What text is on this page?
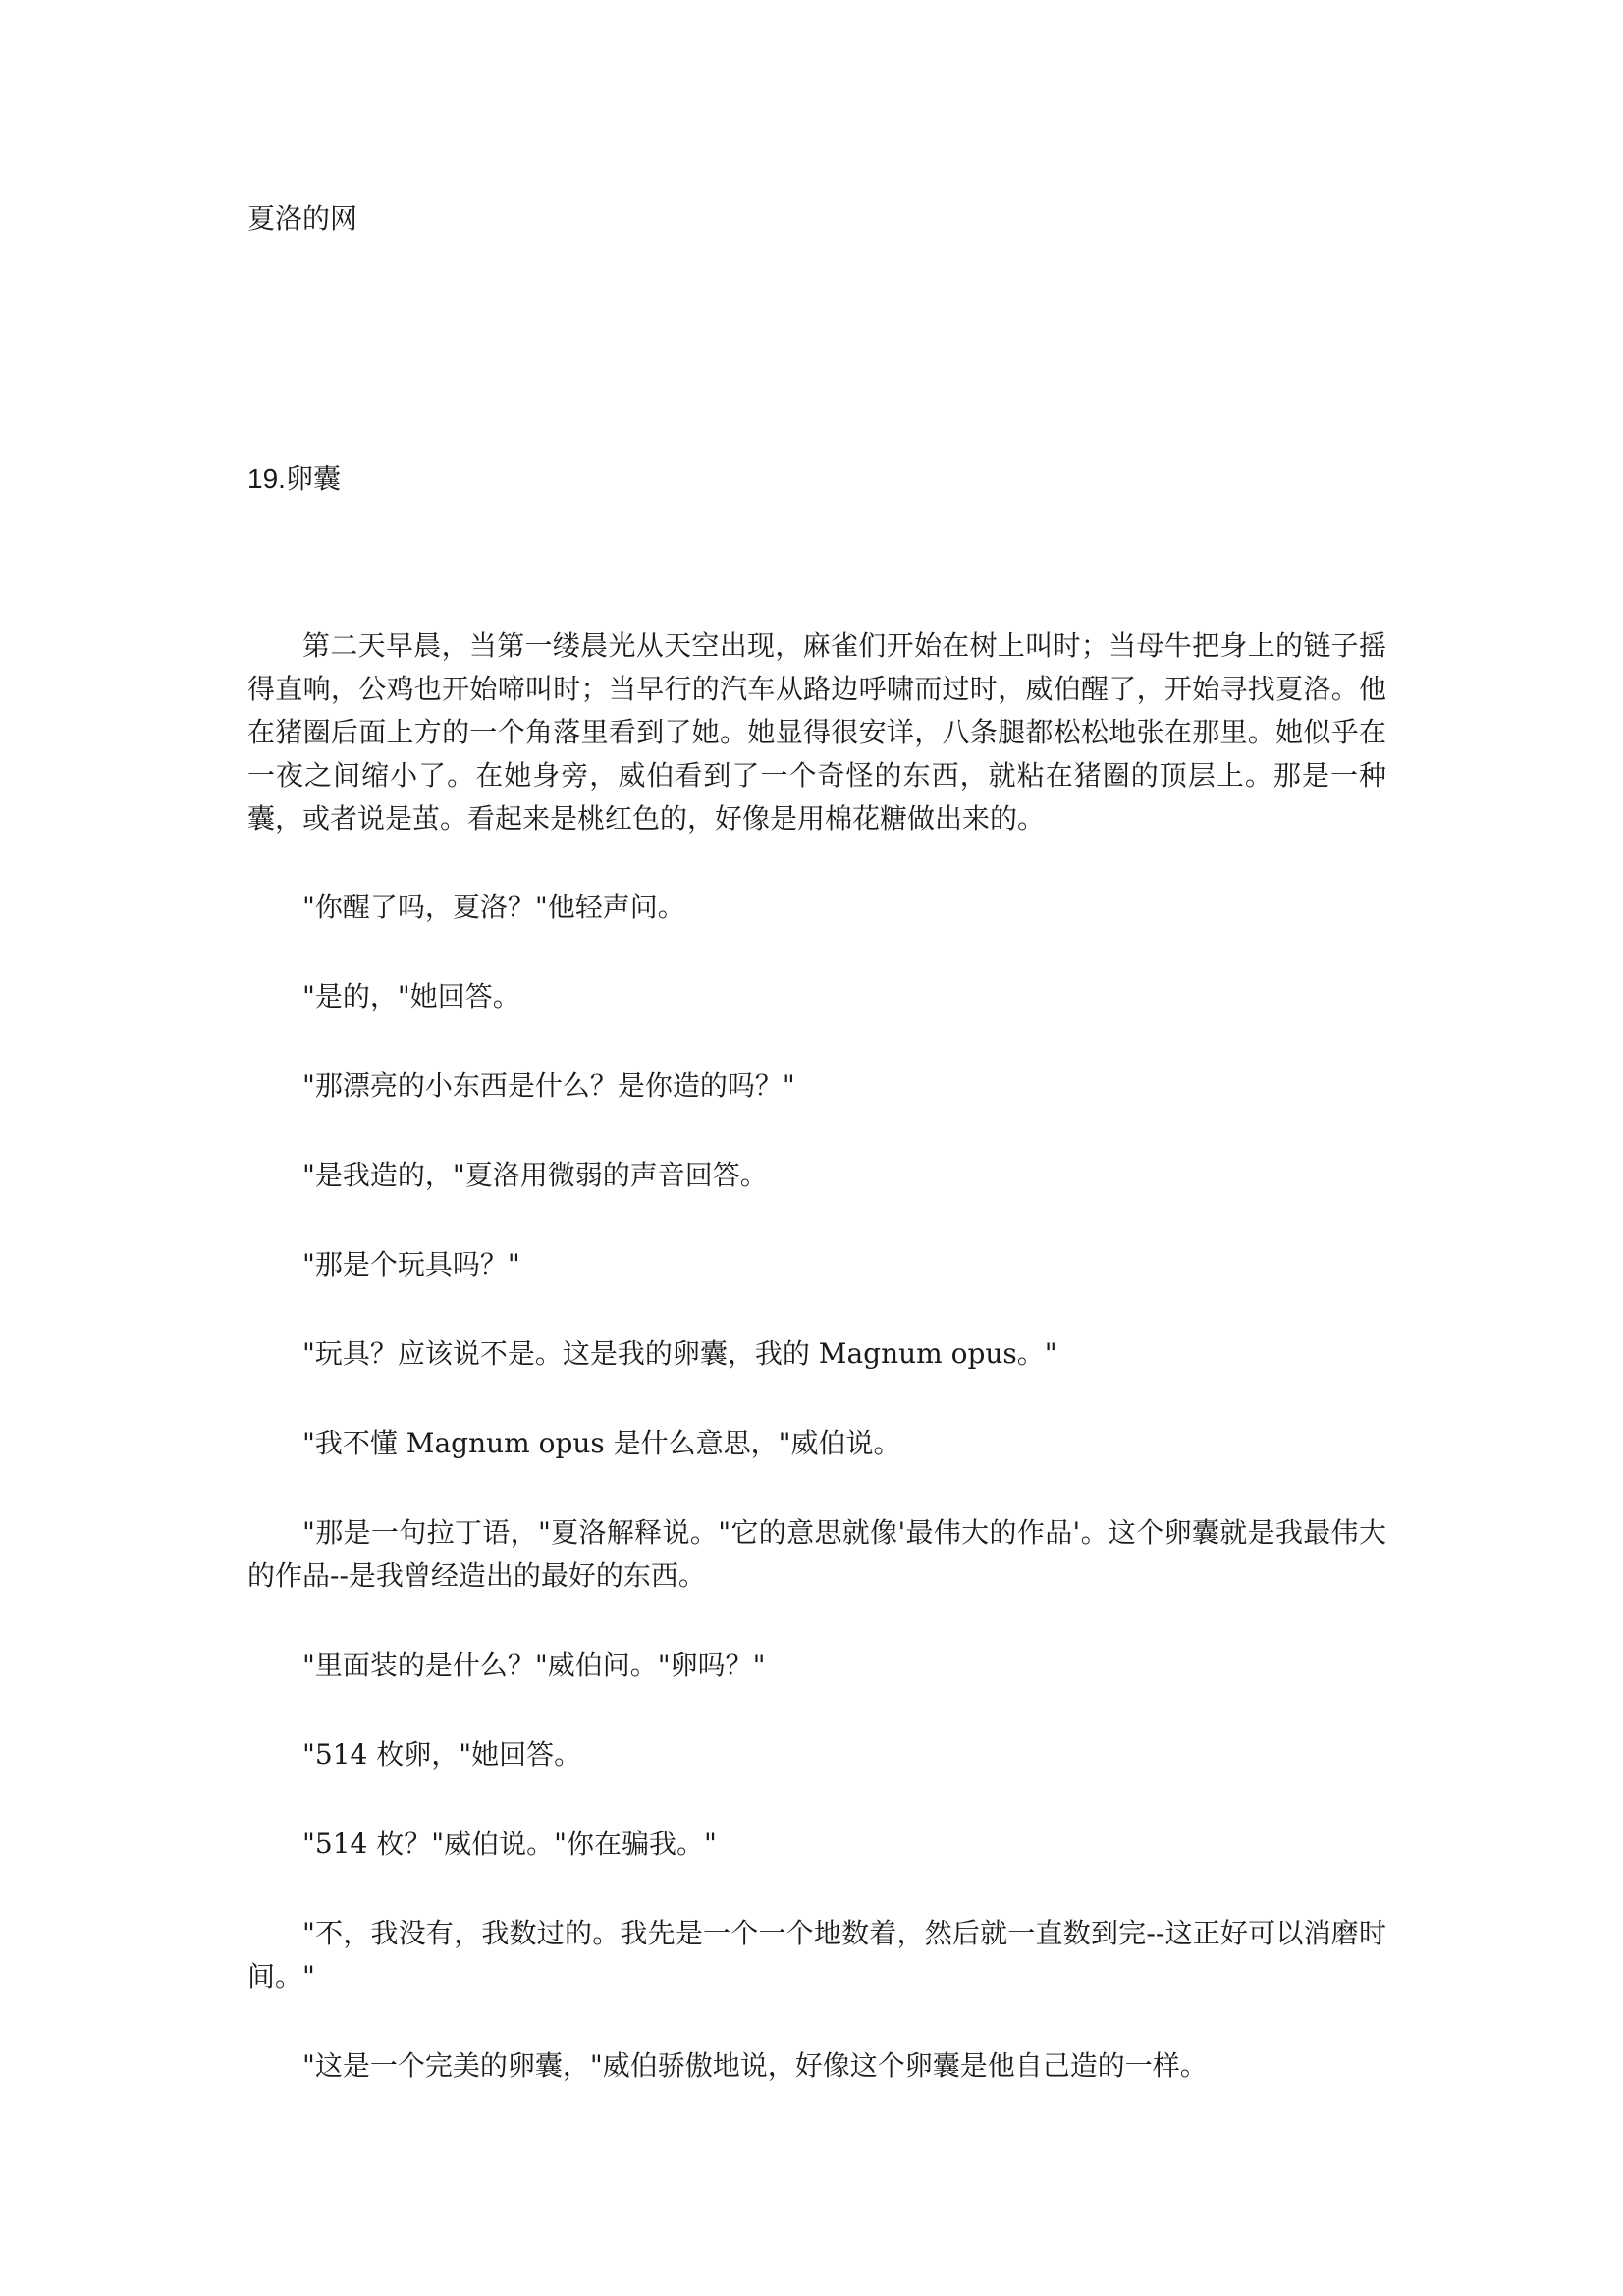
夏洛的网
19.卵囊

第二天早晨，当第一缕晨光从天空出现，麻雀们开始在树上叫时；当母牛把身上的链子摇得直响，公鸡也开始啼叫时；当早行的汽车从路边呼啸而过时，威伯醒了，开始寻找夏洛。他在猪圈后面上方的一个角落里看到了她。她显得很安详，八条腿都松松地张在那里。她似乎在一夜之间缩小了。在她身旁，威伯看到了一个奇怪的东西，就粘在猪圈的顶层上。那是一种囊，或者说是茧。看起来是桃红色的，好像是用棉花糖做出来的。

"你醒了吗，夏洛？"他轻声问。

"是的，"她回答。

"那漂亮的小东西是什么？是你造的吗？"

"是我造的，"夏洛用微弱的声音回答。

"那是个玩具吗？"

"玩具？应该说不是。这是我的卵囊，我的 Magnum opus。"

"我不懂 Magnum opus 是什么意思，"威伯说。

"那是一句拉丁语，"夏洛解释说。"它的意思就像'最伟大的作品'。这个卵囊就是我最伟大的作品--是我曾经造出的最好的东西。

"里面装的是什么？"威伯问。"卵吗？"

"514 枚卵，"她回答。

"514 枚？"威伯说。"你在骗我。"

"不，我没有，我数过的。我先是一个一个地数着，然后就一直数到完--这正好可以消磨时间。"

"这是一个完美的卵囊，"威伯骄傲地说，好像这个卵囊是他自己造的一样。
